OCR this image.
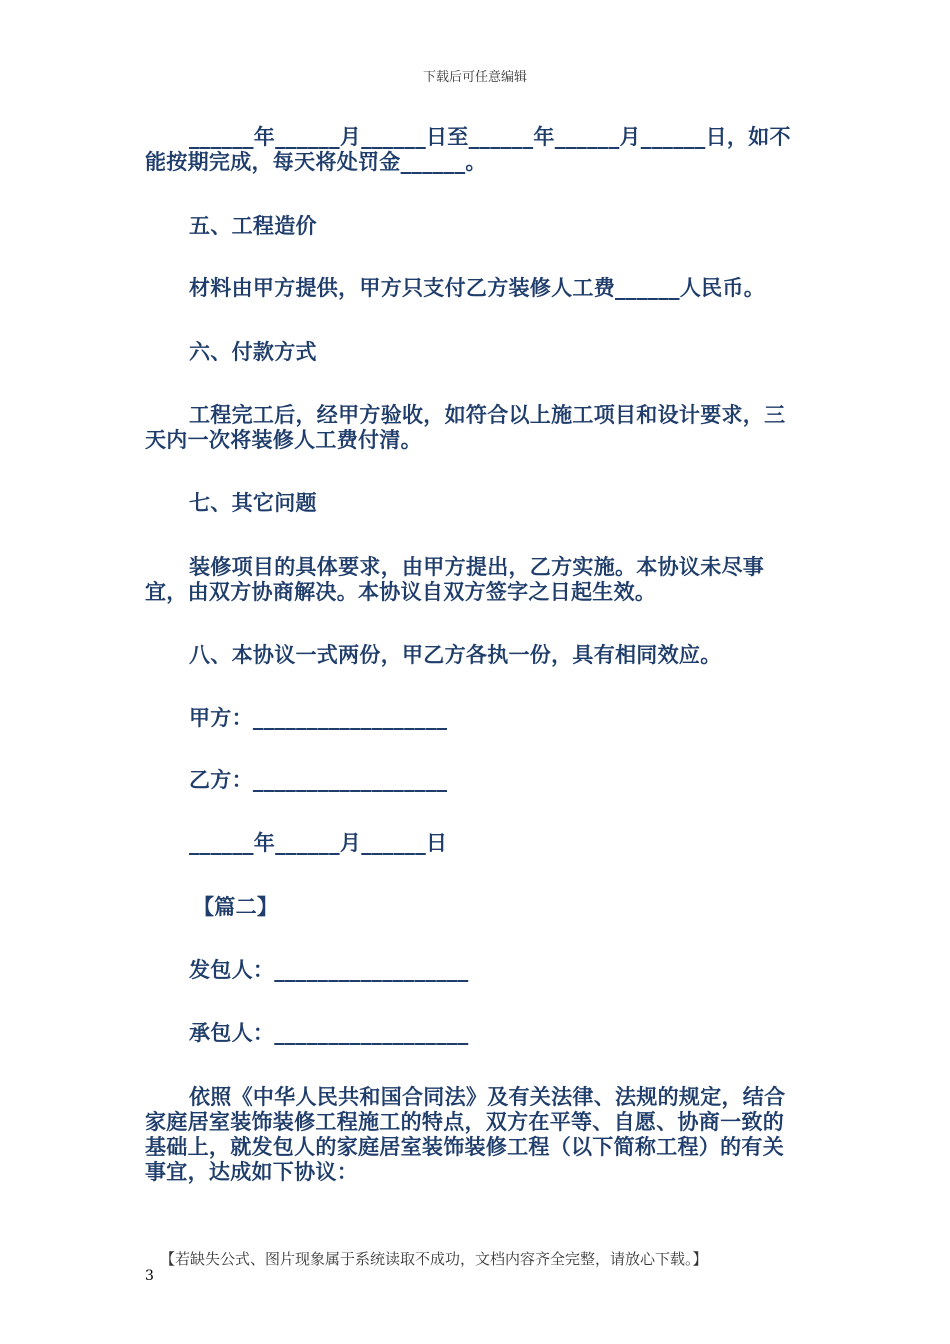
下载后可任意编辑

______年______月______日至______年______月______日，如不能按期完成，每天将处罚金______。

五、工程造价

材料由甲方提供，甲方只支付乙方装修人工费______人民币。

六、付款方式

工程完工后，经甲方验收，如符合以上施工项目和设计要求，三天内一次将装修人工费付清。

七、其它问题

装修项目的具体要求，由甲方提出，乙方实施。本协议未尽事宜，由双方协商解决。本协议自双方签字之日起生效。

八、本协议一式两份，甲乙方各执一份，具有相同效应。

甲方：__________________

乙方：__________________

______年______月______日

【篇二】

发包人：__________________

承包人：__________________

依照《中华人民共和国合同法》及有关法律、法规的规定，结合家庭居室装饰装修工程施工的特点，双方在平等、自愿、协商一致的基础上，就发包人的家庭居室装饰装修工程（以下简称工程）的有关事宜，达成如下协议：

【若缺失公式、图片现象属于系统读取不成功，文档内容齐全完整，请放心下载。】
3
